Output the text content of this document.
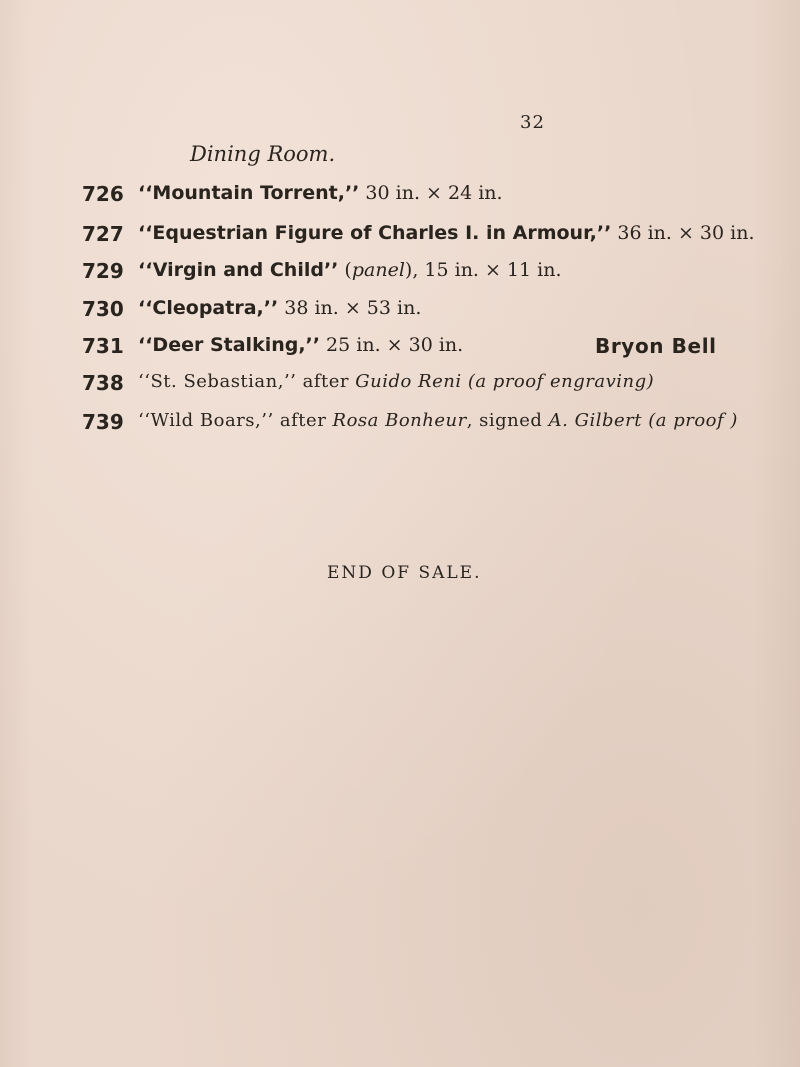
32
Dining Room.
726 ‘‘Mountain Torrent,’’ 30 in. × 24 in.
727 ‘‘Equestrian Figure of Charles I. in Armour,’’ 36 in. × 30 in.
729 ‘‘Virgin and Child’’ (panel), 15 in. × 11 in.
730 ‘‘Cleopatra,’’ 38 in. × 53 in.
731 ‘‘Deer Stalking,’’ 25 in. × 30 in.	Bryon Bell
738 ‘‘St. Sebastian,’’ after Guido Reni (a proof engraving)
739 ‘‘Wild Boars,’’ after Rosa Bonheur, signed A. Gilbert (a proof )
END OF SALE.
